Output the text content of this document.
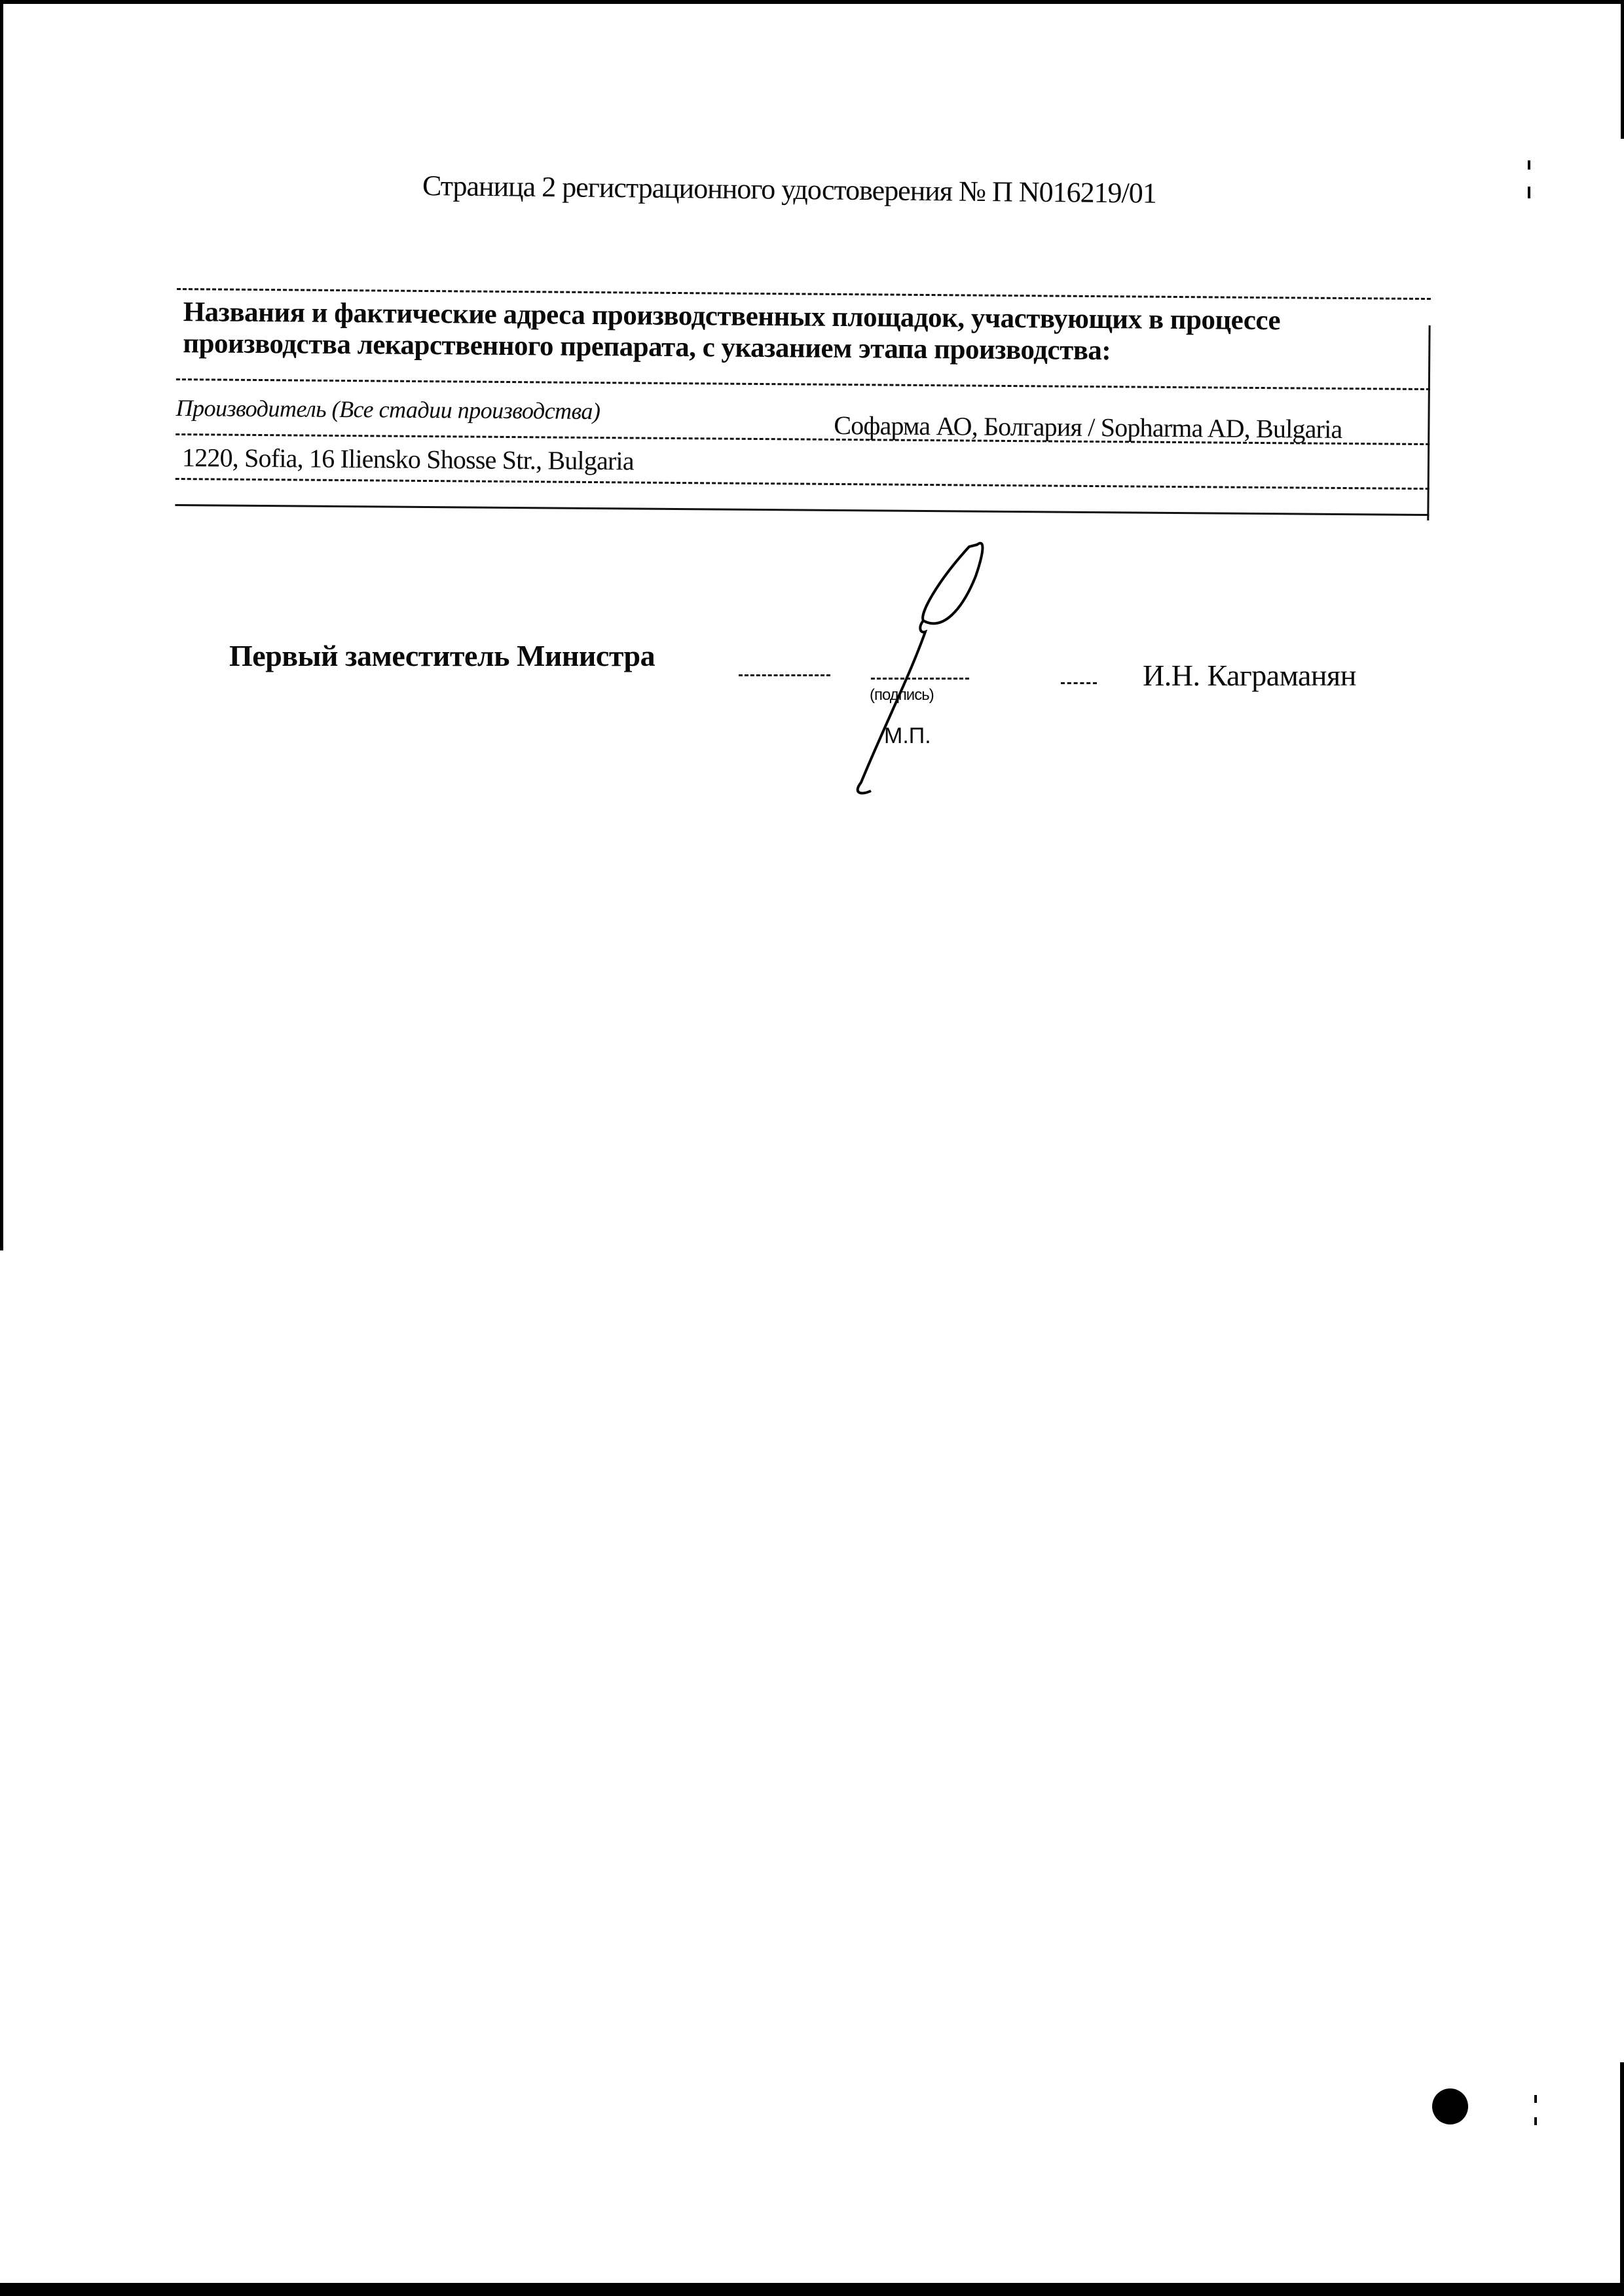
Страница 2 регистрационного удостоверения № П N016219/01
Названия и фактические адреса производственных площадок, участвующих в процессе
производства лекарственного препарата, с указанием этапа производства:
Производитель (Все стадии производства)
Софарма АО, Болгария / Sopharma AD, Bulgaria
1220, Sofia, 16 Iliensko Shosse Str., Bulgaria
Первый заместитель Министра
(подпись)
М.П.
И.Н. Каграманян
